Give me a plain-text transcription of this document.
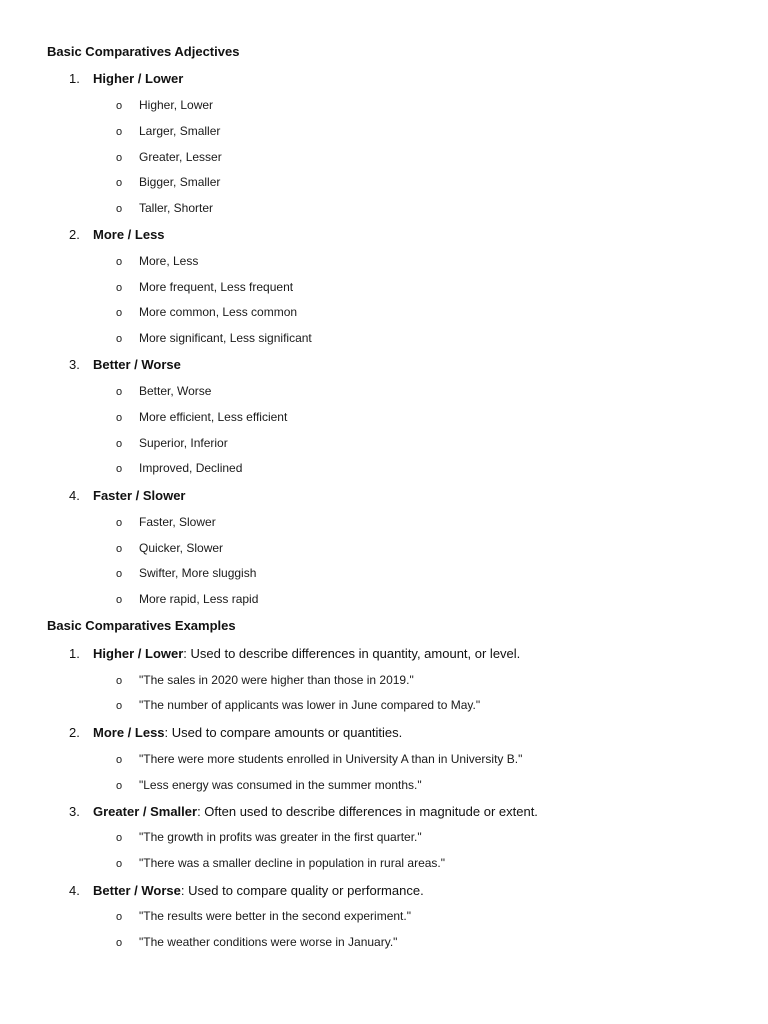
Basic Comparatives Adjectives
1. Higher / Lower
o Higher, Lower
o Larger, Smaller
o Greater, Lesser
o Bigger, Smaller
o Taller, Shorter
2. More / Less
o More, Less
o More frequent, Less frequent
o More common, Less common
o More significant, Less significant
3. Better / Worse
o Better, Worse
o More efficient, Less efficient
o Superior, Inferior
o Improved, Declined
4. Faster / Slower
o Faster, Slower
o Quicker, Slower
o Swifter, More sluggish
o More rapid, Less rapid
Basic Comparatives Examples
1. Higher / Lower: Used to describe differences in quantity, amount, or level.
o "The sales in 2020 were higher than those in 2019."
o "The number of applicants was lower in June compared to May."
2. More / Less: Used to compare amounts or quantities.
o "There were more students enrolled in University A than in University B."
o "Less energy was consumed in the summer months."
3. Greater / Smaller: Often used to describe differences in magnitude or extent.
o "The growth in profits was greater in the first quarter."
o "There was a smaller decline in population in rural areas."
4. Better / Worse: Used to compare quality or performance.
o "The results were better in the second experiment."
o "The weather conditions were worse in January."
